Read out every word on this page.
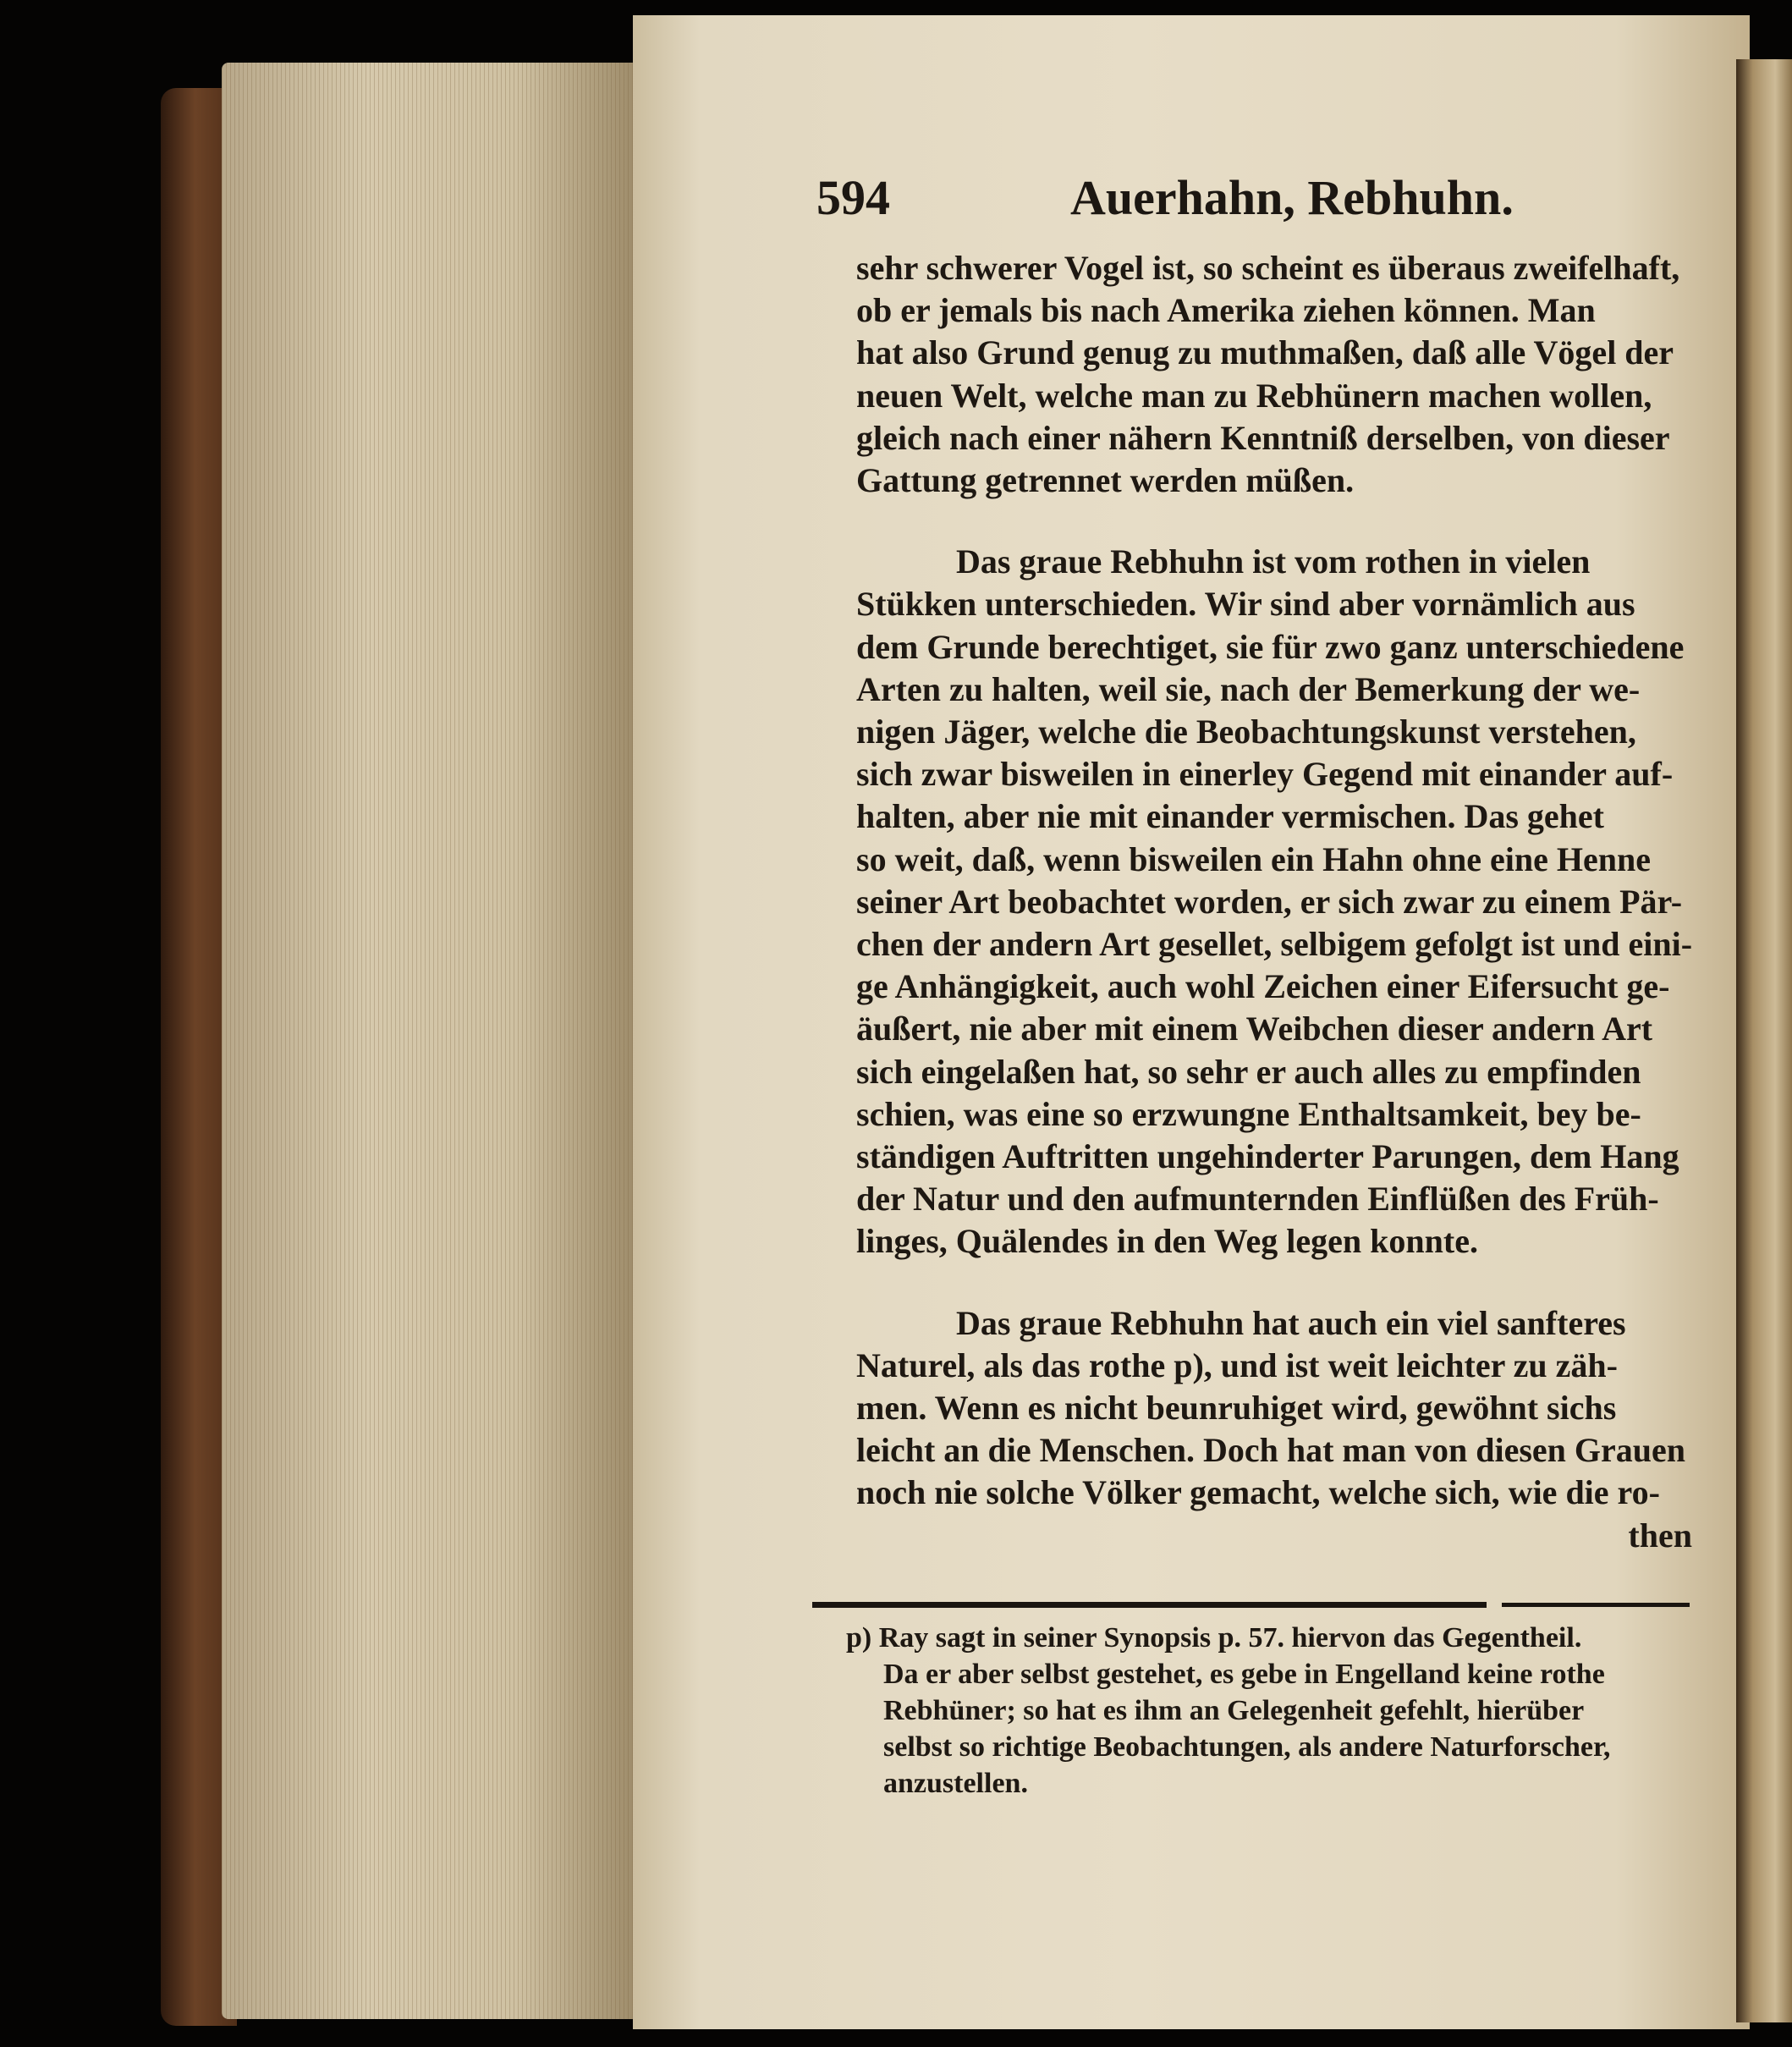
594	Auerhahn, Rebhuhn.
sehr schwerer Vogel ist, so scheint es überaus zweifelhaft,
ob er jemals bis nach Amerika ziehen können. Man
hat also Grund genug zu muthmaßen, daß alle Vögel der
neuen Welt, welche man zu Rebhünern machen wollen,
gleich nach einer nähern Kenntniß derselben, von dieser
Gattung getrennet werden müßen.
Das graue Rebhuhn ist vom rothen in vielen
Stükken unterschieden. Wir sind aber vornämlich aus
dem Grunde berechtiget, sie für zwo ganz unterschiedene
Arten zu halten, weil sie, nach der Bemerkung der we-
nigen Jäger, welche die Beobachtungskunst verstehen,
sich zwar bisweilen in einerley Gegend mit einander auf-
halten, aber nie mit einander vermischen. Das gehet
so weit, daß, wenn bisweilen ein Hahn ohne eine Henne
seiner Art beobachtet worden, er sich zwar zu einem Pär-
chen der andern Art gesellet, selbigem gefolgt ist und eini-
ge Anhängigkeit, auch wohl Zeichen einer Eifersucht ge-
äußert, nie aber mit einem Weibchen dieser andern Art
sich eingelaßen hat, so sehr er auch alles zu empfinden
schien, was eine so erzwungne Enthaltsamkeit, bey be-
ständigen Auftritten ungehinderter Parungen, dem Hang
der Natur und den aufmunternden Einflüßen des Früh-
linges, Quälendes in den Weg legen konnte.
Das graue Rebhuhn hat auch ein viel sanfteres
Naturel, als das rothe p), und ist weit leichter zu zäh-
men. Wenn es nicht beunruhiget wird, gewöhnt sichs
leicht an die Menschen. Doch hat man von diesen Grauen
noch nie solche Völker gemacht, welche sich, wie die ro-
then
p) Ray sagt in seiner Synopsis p. 57. hiervon das Gegentheil.
Da er aber selbst gestehet, es gebe in Engelland keine rothe
Rebhüner; so hat es ihm an Gelegenheit gefehlt, hierüber
selbst so richtige Beobachtungen, als andere Naturforscher,
anzustellen.
